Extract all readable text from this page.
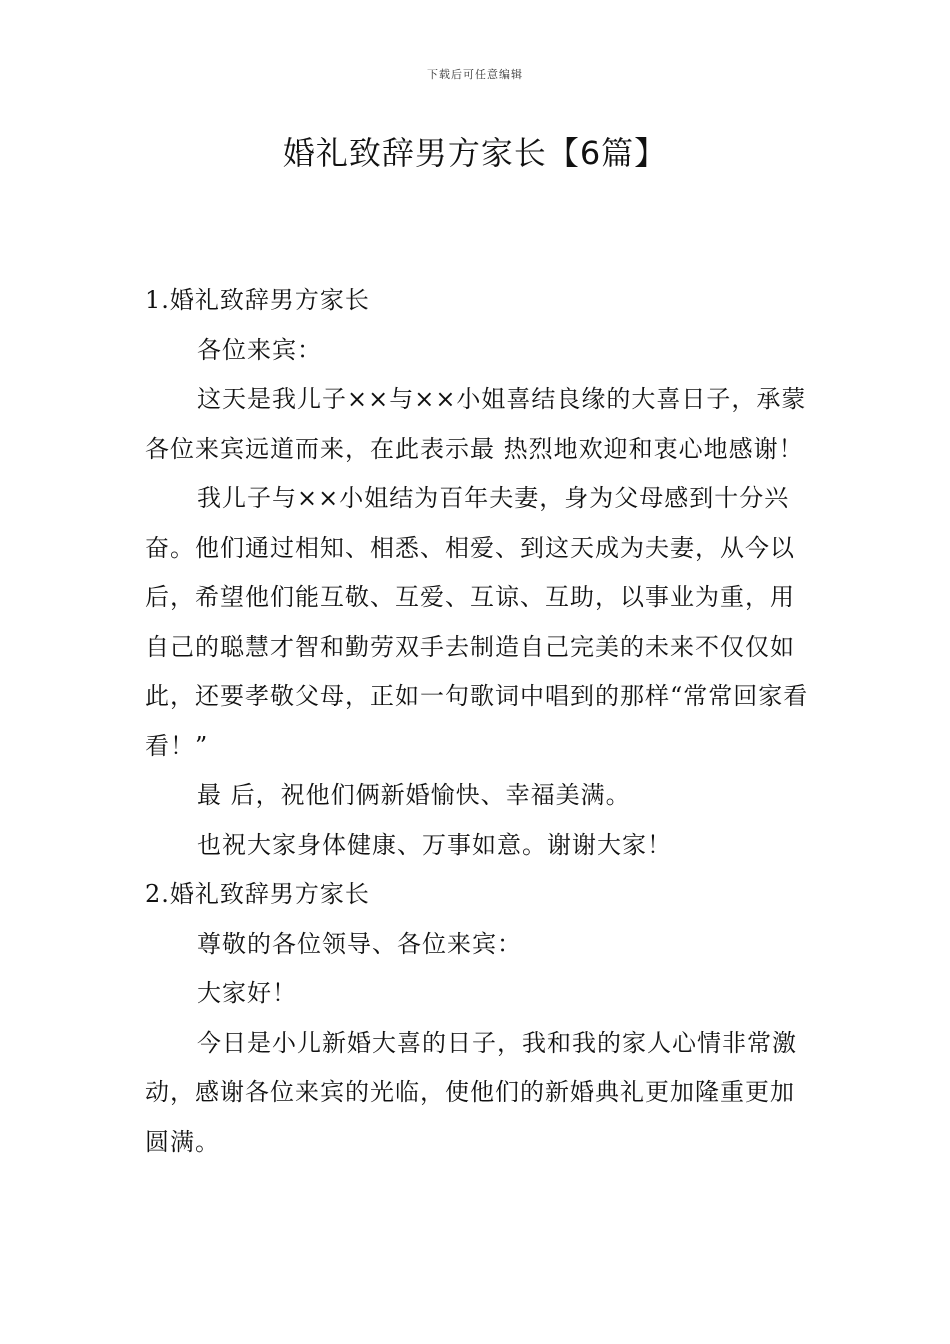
下载后可任意编辑
婚礼致辞男方家长【6篇】

1.婚礼致辞男方家长

各位来宾：

这天是我儿子××与××小姐喜结良缘的大喜日子，承蒙各位来宾远道而来，在此表示最 热烈地欢迎和衷心地感谢！

我儿子与××小姐结为百年夫妻，身为父母感到十分兴奋。他们通过相知、相悉、相爱、到这天成为夫妻，从今以后，希望他们能互敬、互爱、互谅、互助，以事业为重，用自己的聪慧才智和勤劳双手去制造自己完美的未来不仅仅如此，还要孝敬父母，正如一句歌词中唱到的那样“常常回家看看！”

最 后，祝他们俩新婚愉快、幸福美满。

也祝大家身体健康、万事如意。谢谢大家！

2.婚礼致辞男方家长

尊敬的各位领导、各位来宾：

大家好！

今日是小儿新婚大喜的日子，我和我的家人心情非常激动，感谢各位来宾的光临，使他们的新婚典礼更加隆重更加圆满。
